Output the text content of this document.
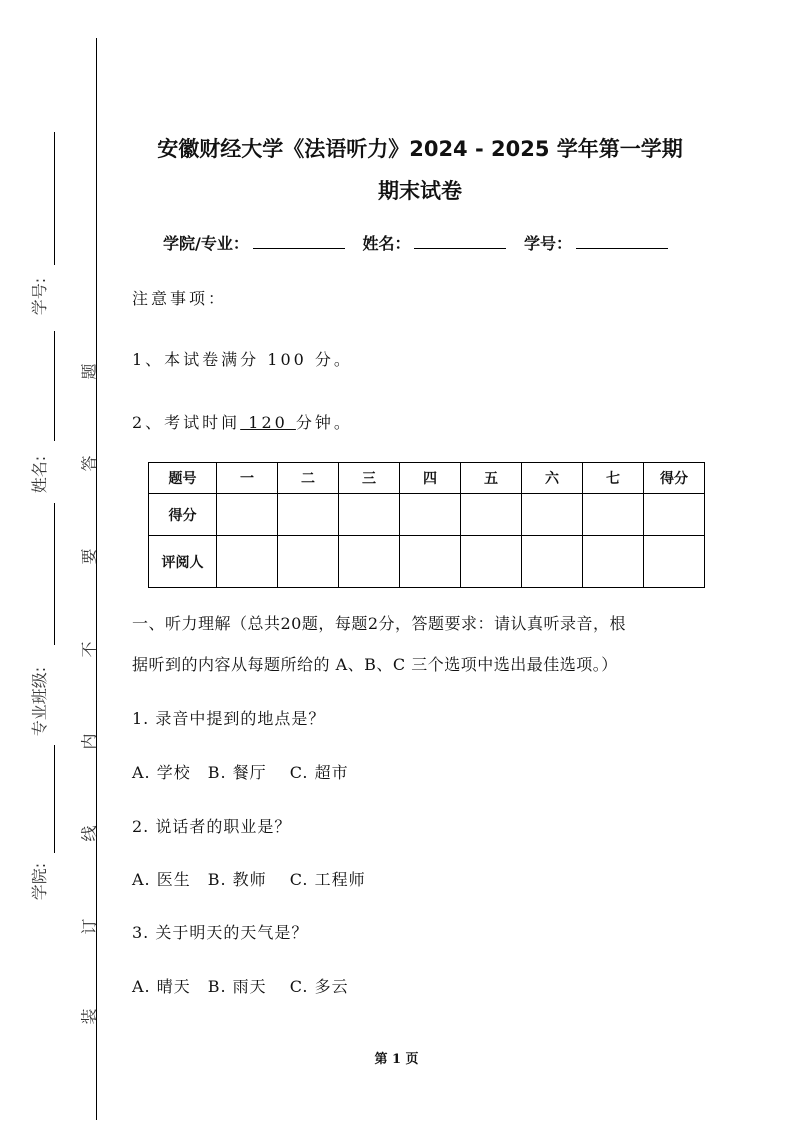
学号:
姓名:
专业班级:
学院:
题
答
要
不
内
线
订
装
安徽财经大学《法语听力》2024 - 2025 学年第一学期
期末试卷
学院/专业：	姓名：	学号：
注意事项：
1、本试卷满分 100 分。
2、考试时间 120 分钟。
题号	一	二	三	四	五	六	七	得分
得分								
评阅人								
一、听力理解（总共20题，每题2分，答题要求：请认真听录音，根
据听到的内容从每题所给的 A、B、C 三个选项中选出最佳选项。）
1. 录音中提到的地点是？
A. 学校　B. 餐厅　 C. 超市
2. 说话者的职业是？
A. 医生　B. 教师　 C. 工程师
3. 关于明天的天气是？
A. 晴天　B. 雨天　 C. 多云
第 1 页
